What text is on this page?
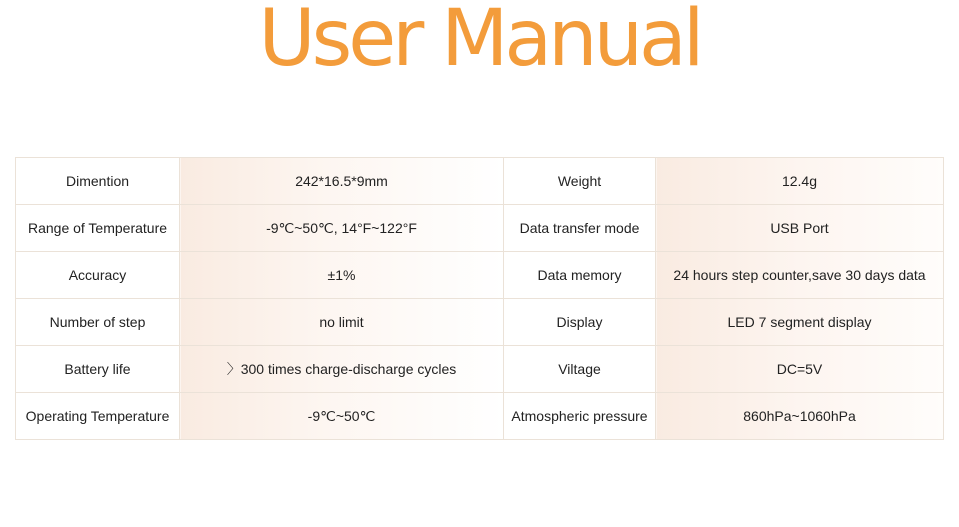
User Manual
Dimention	242*16.5*9mm	Weight	12.4g
Range of Temperature	-9℃~50℃, 14°F~122°F	Data transfer mode	USB Port
Accuracy	±1%	Data memory	24 hours step counter,save 30 days data
Number of step	no limit	Display	LED 7 segment display
Battery life	〉300 times charge-discharge cycles	Viltage	DC=5V
Operating Temperature	-9℃~50℃	Atmospheric pressure	860hPa~1060hPa
